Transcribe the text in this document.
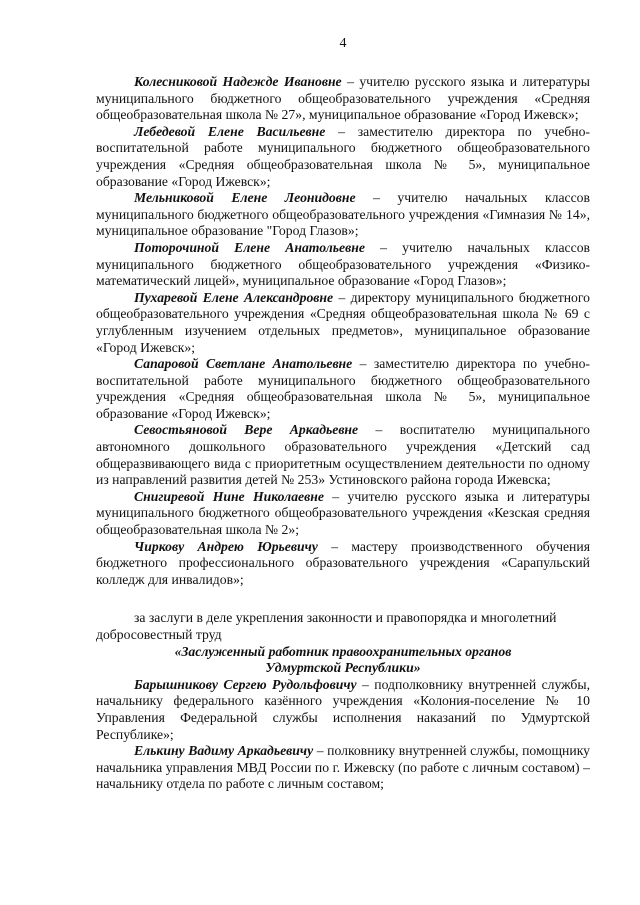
4

Колесниковой Надежде Ивановне – учителю русского языка и литературы муниципального бюджетного общеобразовательного учреждения «Средняя общеобразовательная школа № 27», муниципальное образование «Город Ижевск»;

Лебедевой Елене Васильевне – заместителю директора по учебно-воспитательной работе муниципального бюджетного общеобразовательного учреждения «Средняя общеобразовательная школа № 5», муниципальное образование «Город Ижевск»;

Мельниковой Елене Леонидовне – учителю начальных классов муниципального бюджетного общеобразовательного учреждения «Гимназия № 14», муниципальное образование "Город Глазов»;

Поторочиной Елене Анатольевне – учителю начальных классов муниципального бюджетного общеобразовательного учреждения «Физико-математический лицей», муниципальное образование «Город Глазов»;

Пухаревой Елене Александровне – директору муниципального бюджетного общеобразовательного учреждения «Средняя общеобразовательная школа № 69 с углубленным изучением отдельных предметов», муниципальное образование «Город Ижевск»;

Сапаровой Светлане Анатольевне – заместителю директора по учебно-воспитательной работе муниципального бюджетного общеобразовательного учреждения «Средняя общеобразовательная школа № 5», муниципальное образование «Город Ижевск»;

Севостьяновой Вере Аркадьевне – воспитателю муниципального автономного дошкольного образовательного учреждения «Детский сад общеразвивающего вида с приоритетным осуществлением деятельности по одному из направлений развития детей № 253» Устиновского района города Ижевска;

Снигиревой Нине Николаевне – учителю русского языка и литературы муниципального бюджетного общеобразовательного учреждения «Кезская средняя общеобразовательная школа № 2»;

Чиркову Андрею Юрьевичу – мастеру производственного обучения бюджетного профессионального образовательного учреждения «Сарапульский колледж для инвалидов»;

за заслуги в деле укрепления законности и правопорядка и многолетний добросовестный труд

«Заслуженный работник правоохранительных органов

Удмуртской Республики»

Барышникову Сергею Рудольфовичу – подполковнику внутренней службы, начальнику федерального казённого учреждения «Колония-поселение № 10 Управления Федеральной службы исполнения наказаний по Удмуртской Республике»;

Елькину Вадиму Аркадьевичу – полковнику внутренней службы, помощнику начальника управления МВД России по г. Ижевску (по работе с личным составом) – начальнику отдела по работе с личным составом;
